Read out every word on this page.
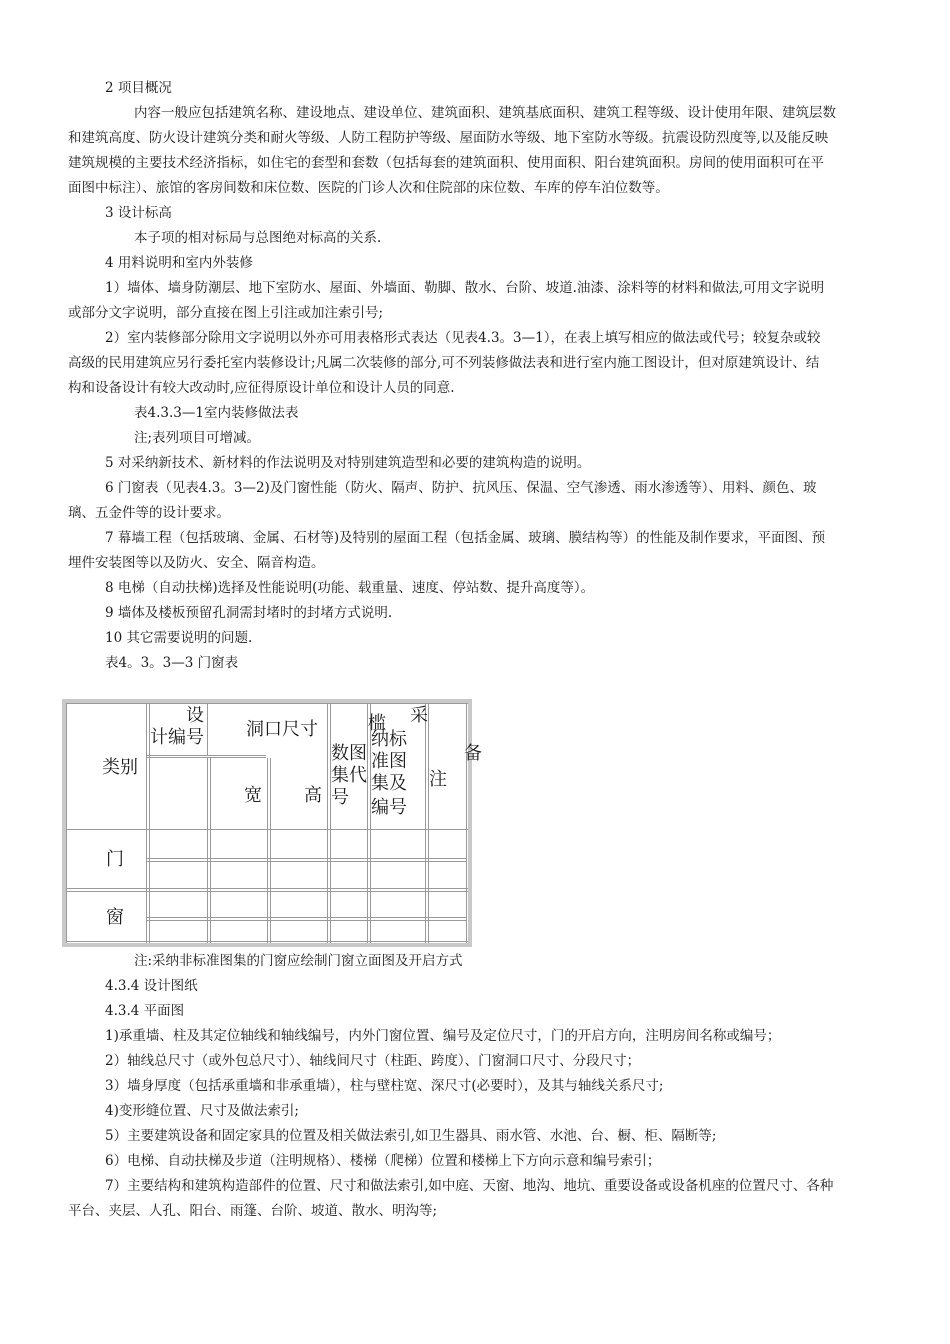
2 项目概况
内容一般应包括建筑名称、建设地点、建设单位、建筑面积、建筑基底面积、建筑工程等级、设计使用年限、建筑层数
和建筑高度、防火设计建筑分类和耐火等级、人防工程防护等级、屋面防水等级、地下室防水等级。抗震设防烈度等,以及能反映
建筑规模的主要技术经济指标，如住宅的套型和套数（包括每套的建筑面积、使用面积、阳台建筑面积。房间的使用面积可在平
面图中标注）、旅馆的客房间数和床位数、医院的门诊人次和住院部的床位数、车库的停车泊位数等。
3 设计标高
本子项的相对标局与总图绝对标高的关系.
4 用料说明和室内外装修
1）墙体、墙身防潮层、地下室防水、屋面、外墙面、勒脚、散水、台阶、坡道.油漆、涂料等的材料和做法,可用文字说明
或部分文字说明，部分直接在图上引注或加注索引号;
2）室内装修部分除用文字说明以外亦可用表格形式表达（见表4.3。3—1），在表上填写相应的做法或代号；较复杂或较
高级的民用建筑应另行委托室内装修设计;凡属二次装修的部分,可不列装修做法表和进行室内施工图设计，但对原建筑设计、结
构和设备设计有较大改动时,应征得原设计单位和设计人员的同意.
表4.3.3—1室内装修做法表
注;表列项目可增减。
5 对采纳新技术、新材料的作法说明及对特别建筑造型和必要的建筑构造的说明。
6 门窗表（见表4.3。3—2)及门窗性能（防火、隔声、防护、抗风压、保温、空气渗透、雨水渗透等）、用料、颜色、玻
璃、五金件等的设计要求。
7 幕墙工程（包括玻璃、金属、石材等)及特别的屋面工程（包括金属、玻璃、膜结构等）的性能及制作要求，平面图、预
埋件安装图等以及防火、安全、隔音构造。
8 电梯（自动扶梯)选择及性能说明(功能、载重量、速度、停站数、提升高度等）。
9 墙体及楼板预留孔洞需封堵时的封堵方式说明.
10 其它需要说明的问题.
表4。3。3—3 门窗表
类别
设
计编号 洞口尺寸
宽 高
数图
集代
号
槛 采
纳标
准图
集及
编号
备
注
门
窗
注:采纳非标准图集的门窗应绘制门窗立面图及开启方式
4.3.4 设计图纸
4.3.4 平面图
1)承重墙、柱及其定位轴线和轴线编号，内外门窗位置、编号及定位尺寸，门的开启方向，注明房间名称或编号；
2）轴线总尺寸（或外包总尺寸）、轴线间尺寸（柱距、跨度）、门窗洞口尺寸、分段尺寸；
3）墙身厚度（包括承重墙和非承重墙），柱与壁柱宽、深尺寸(必要时），及其与轴线关系尺寸;
4)变形缝位置、尺寸及做法索引;
5）主要建筑设备和固定家具的位置及相关做法索引,如卫生器具、雨水管、水池、台、橱、柜、隔断等;
6）电梯、自动扶梯及步道（注明规格）、楼梯（爬梯）位置和楼梯上下方向示意和编号索引；
7）主要结构和建筑构造部件的位置、尺寸和做法索引,如中庭、天窗、地沟、地坑、重要设备或设备机座的位置尺寸、各种
平台、夹层、人孔、阳台、雨篷、台阶、坡道、散水、明沟等;
